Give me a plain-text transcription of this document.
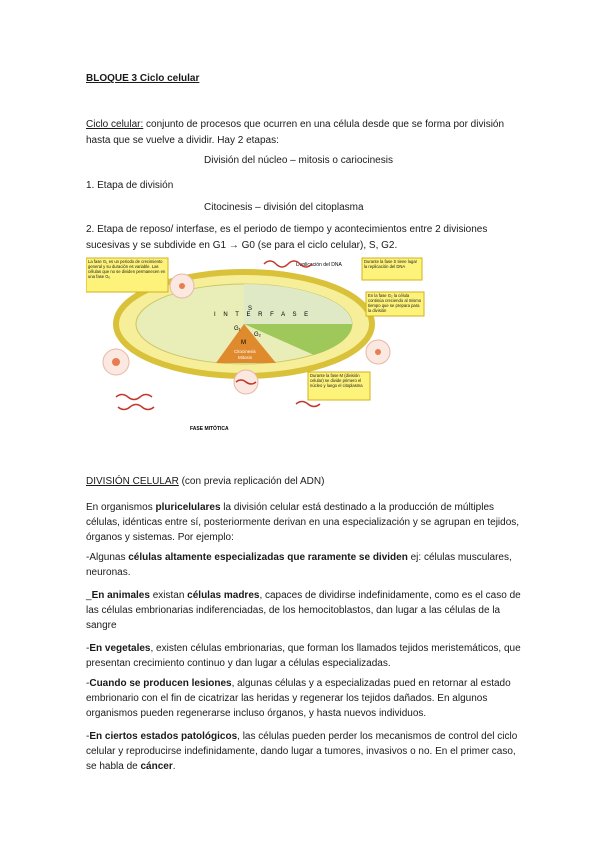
BLOQUE 3 Ciclo celular

Ciclo celular: conjunto de procesos que ocurren en una célula desde que se forma por división hasta que se vuelve a dividir. Hay 2 etapas:

División del núcleo – mitosis o cariocinesis
1. Etapa de división
Citocinesis – división del citoplasma

2. Etapa de reposo/ interfase, es el periodo de tiempo y acontecimientos entre 2 divisiones sucesivas y se subdivide en G1 → G0 (se para el ciclo celular), S, G2.

La fase G₁ es un periodo de crecimiento general y su duración es variable. Las células que no se dividen permanecen en una fase G₀
Durante la fase S tiene lugar la replicación del DNA
En la fase G₂ la célula continúa creciendo al mismo tiempo que se prepara para la división
Durante la fase M (división celular) se divide primero el núcleo y luego el citoplasma
Duplicación del DNA
I N T E R F A S E
G₁
S
G₂
M
Citocinesis
Mitosis
FASE MITÓTICA

DIVISIÓN CELULAR (con previa replicación del ADN)

En organismos pluricelulares la división celular está destinado a la producción de múltiples células, idénticas entre sí, posteriormente derivan en una especialización y se agrupan en tejidos, órganos y sistemas. Por ejemplo:

-Algunas células altamente especializadas que raramente se dividen ej: células musculares, neuronas.

_En animales existan células madres, capaces de dividirse indefinidamente, como es el caso de las células embrionarias indiferenciadas, de los hemocitoblastos, dan lugar a las células de la sangre

-En vegetales, existen células embrionarias, que forman los llamados tejidos meristemáticos, que presentan crecimiento continuo y dan lugar a células especializadas.

-Cuando se producen lesiones, algunas células y a especializadas pued en retornar al estado embrionario con el fin de cicatrizar las heridas y regenerar los tejidos dañados. En algunos organismos pueden regenerarse incluso órganos, y hasta nuevos individuos.

-En ciertos estados patológicos, las células pueden perder los mecanismos de control del ciclo celular y reproducirse indefinidamente, dando lugar a tumores, invasivos o no. En el primer caso, se habla de cáncer.
